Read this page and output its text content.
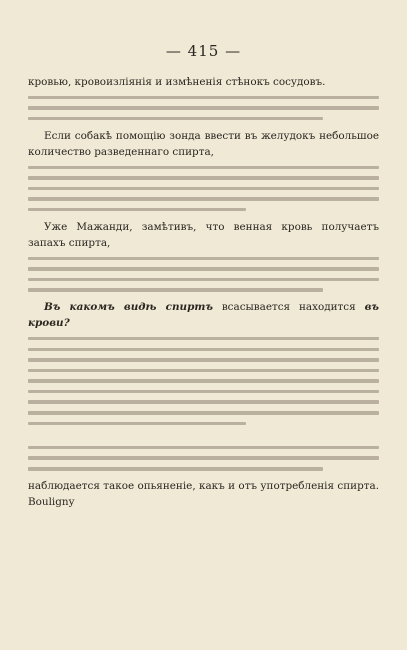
— 415 —

кровью, кровоизліянія и измѣненія стѣнокъ сосудовъ.

Если собакѣ помощію зонда ввести въ желудокъ небольшое количество разведеннаго спирта,

Уже Мажанди, замѣтивъ, что венная кровь получаетъ запахъ спирта,

Въ какомъ видѣ спиртъ всасывается находится въ крови?

наблюдается такое опьяненіе, какъ и отъ употребленія спирта. Bouligny
